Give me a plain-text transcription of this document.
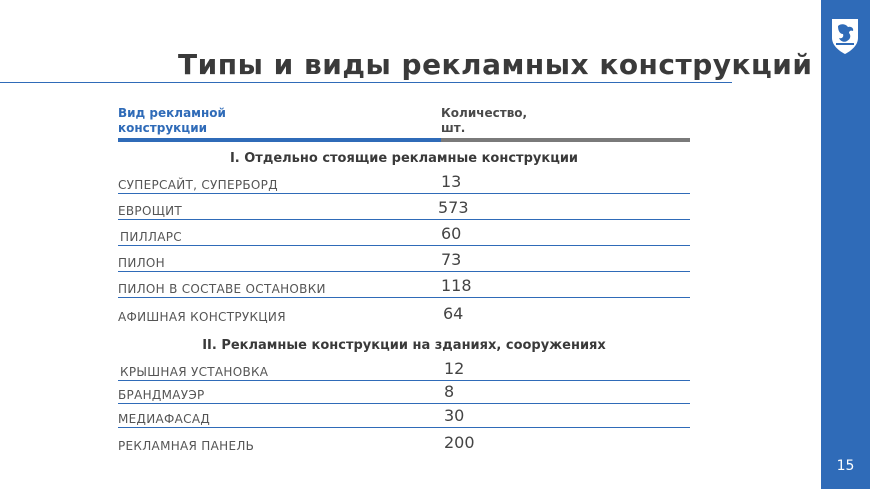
15
Типы и виды рекламных конструкций
Вид рекламной
конструкции
Количество,
шт.
I. Отдельно стоящие рекламные конструкции
СУПЕРСАЙТ, СУПЕРБОРД	13
ЕВРОЩИТ	573
ПИЛЛАРС	60
ПИЛОН	73
ПИЛОН В СОСТАВЕ ОСТАНОВКИ	118
АФИШНАЯ КОНСТРУКЦИЯ	64
II. Рекламные конструкции на зданиях, сооружениях
КРЫШНАЯ УСТАНОВКА	12
БРАНДМАУЭР	8
МЕДИАФАСАД	30
РЕКЛАМНАЯ ПАНЕЛЬ	200
